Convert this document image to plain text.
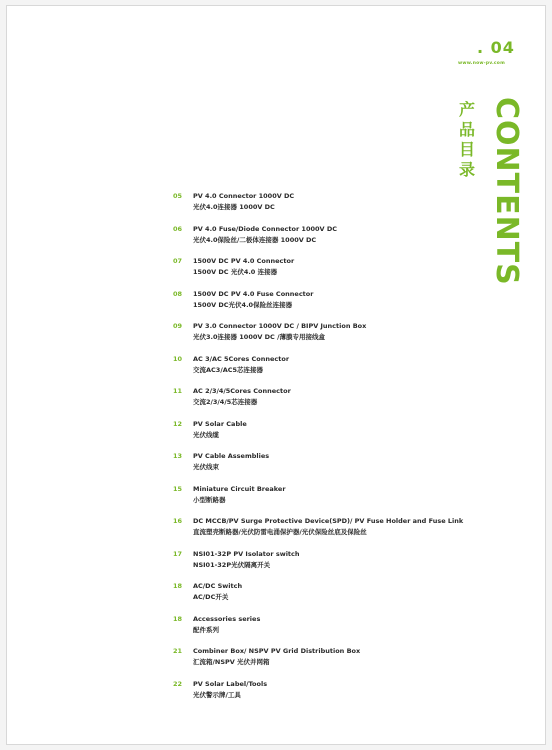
. 04
www.now-pv.com
CONTENTS
产品目录
05	PV 4.0 Connector 1000V DC
光伏4.0连接器 1000V DC
06	PV 4.0 Fuse/Diode Connector 1000V DC
光伏4.0保险丝/二极体连接器 1000V DC
07	1500V DC PV 4.0 Connector
1500V DC 光伏4.0 连接器
08	1500V DC PV 4.0 Fuse Connector
1500V DC光伏4.0保险丝连接器
09	PV 3.0 Connector 1000V DC / BIPV Junction Box
光伏3.0连接器 1000V DC /薄膜专用接线盒
10	AC 3/AC 5Cores Connector
交流AC3/AC5芯连接器
11	AC 2/3/4/5Cores Connector
交流2/3/4/5芯连接器
12	PV Solar Cable
光伏线缆
13	PV Cable Assemblies
光伏线束
15	Miniature Circuit Breaker
小型断路器
16	DC MCCB/PV Surge Protective Device(SPD)/ PV Fuse Holder and Fuse Link
直流塑壳断路器/光伏防雷电涌保护器/光伏保险丝底及保险丝
17	NSI01-32P PV Isolator switch
NSI01-32P光伏隔离开关
18	AC/DC Switch
AC/DC开关
18	Accessories series
配件系列
21	Combiner Box/ NSPV PV Grid Distribution Box
汇流箱/NSPV 光伏并网箱
22	PV Solar Label/Tools
光伏警示牌/工具
